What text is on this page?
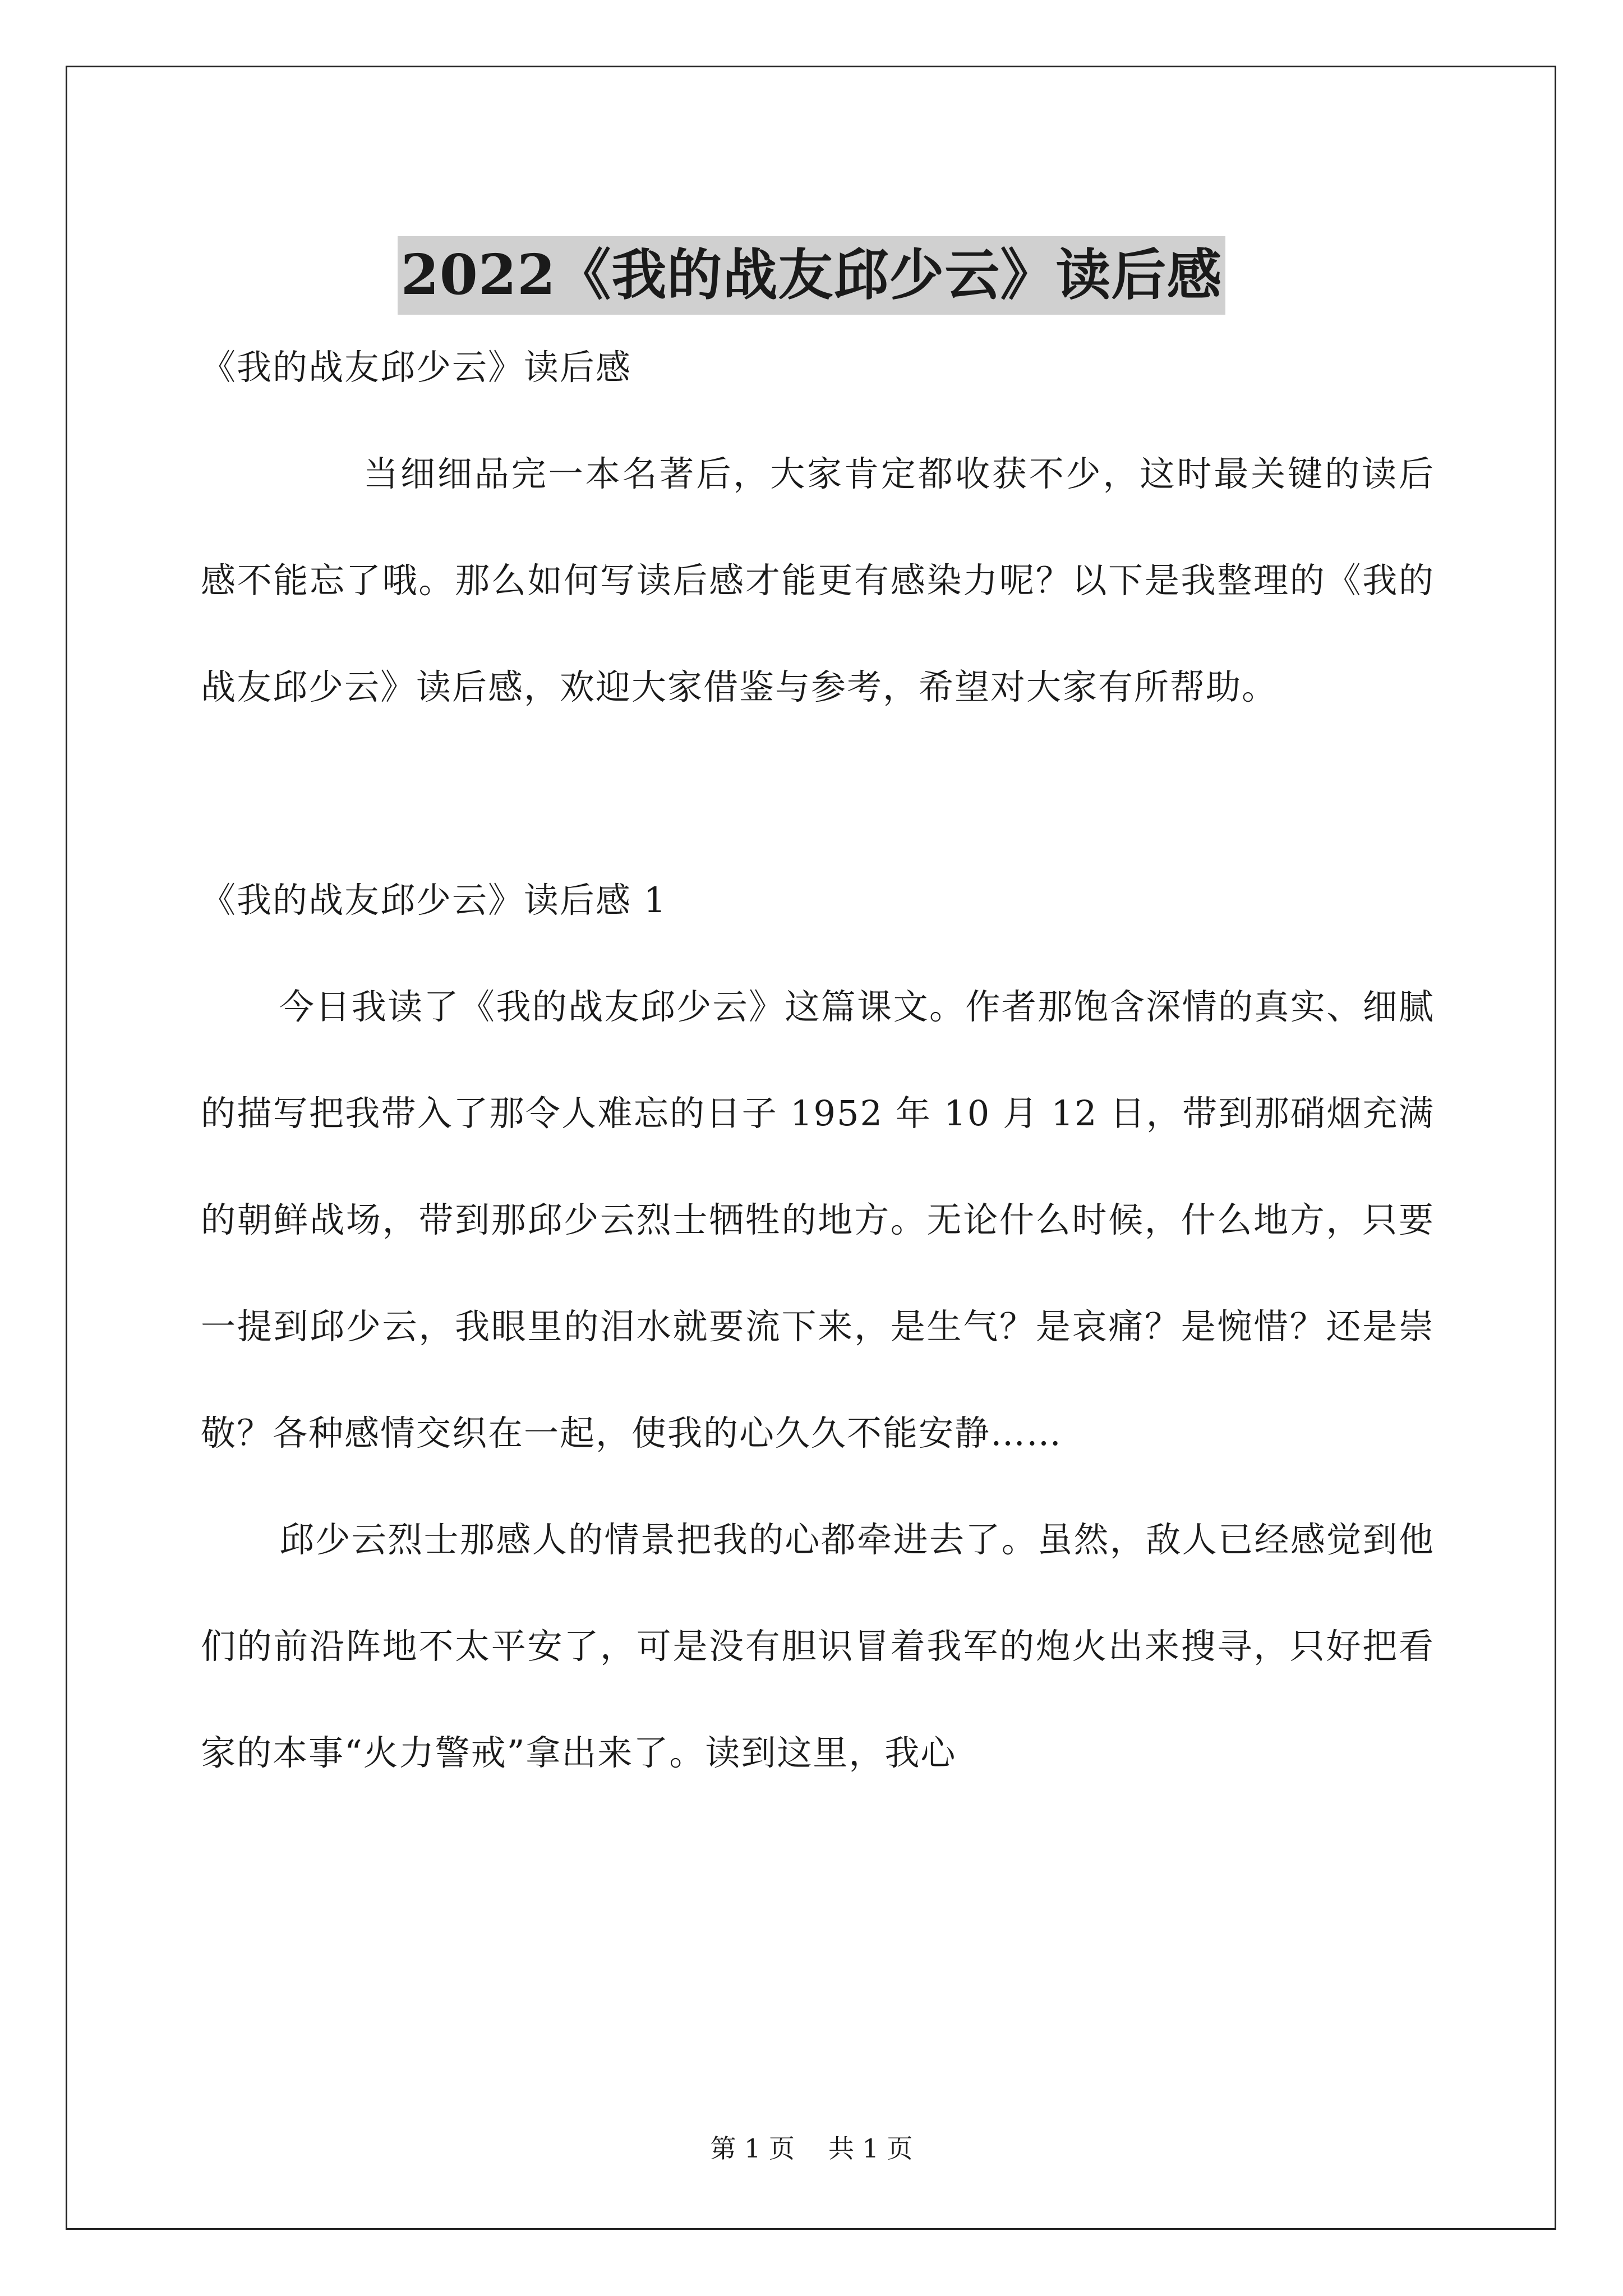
2022《我的战友邱少云》读后感

《我的战友邱少云》读后感

当细细品完一本名著后，大家肯定都收获不少，这时最关键的读后感不能忘了哦。那么如何写读后感才能更有感染力呢？以下是我整理的《我的战友邱少云》读后感，欢迎大家借鉴与参考，希望对大家有所帮助。

《我的战友邱少云》读后感 1

今日我读了《我的战友邱少云》这篇课文。作者那饱含深情的真实、细腻的描写把我带入了那令人难忘的日子 1952 年 10 月 12 日，带到那硝烟充满的朝鲜战场，带到那邱少云烈士牺牲的地方。无论什么时候，什么地方，只要一提到邱少云，我眼里的泪水就要流下来，是生气？是哀痛？是惋惜？还是崇敬？各种感情交织在一起，使我的心久久不能安静……

邱少云烈士那感人的情景把我的心都牵进去了。虽然，敌人已经感觉到他们的前沿阵地不太平安了，可是没有胆识冒着我军的炮火出来搜寻，只好把看家的本事“火力警戒”拿出来了。读到这里，我心

第 1 页 共 1 页
